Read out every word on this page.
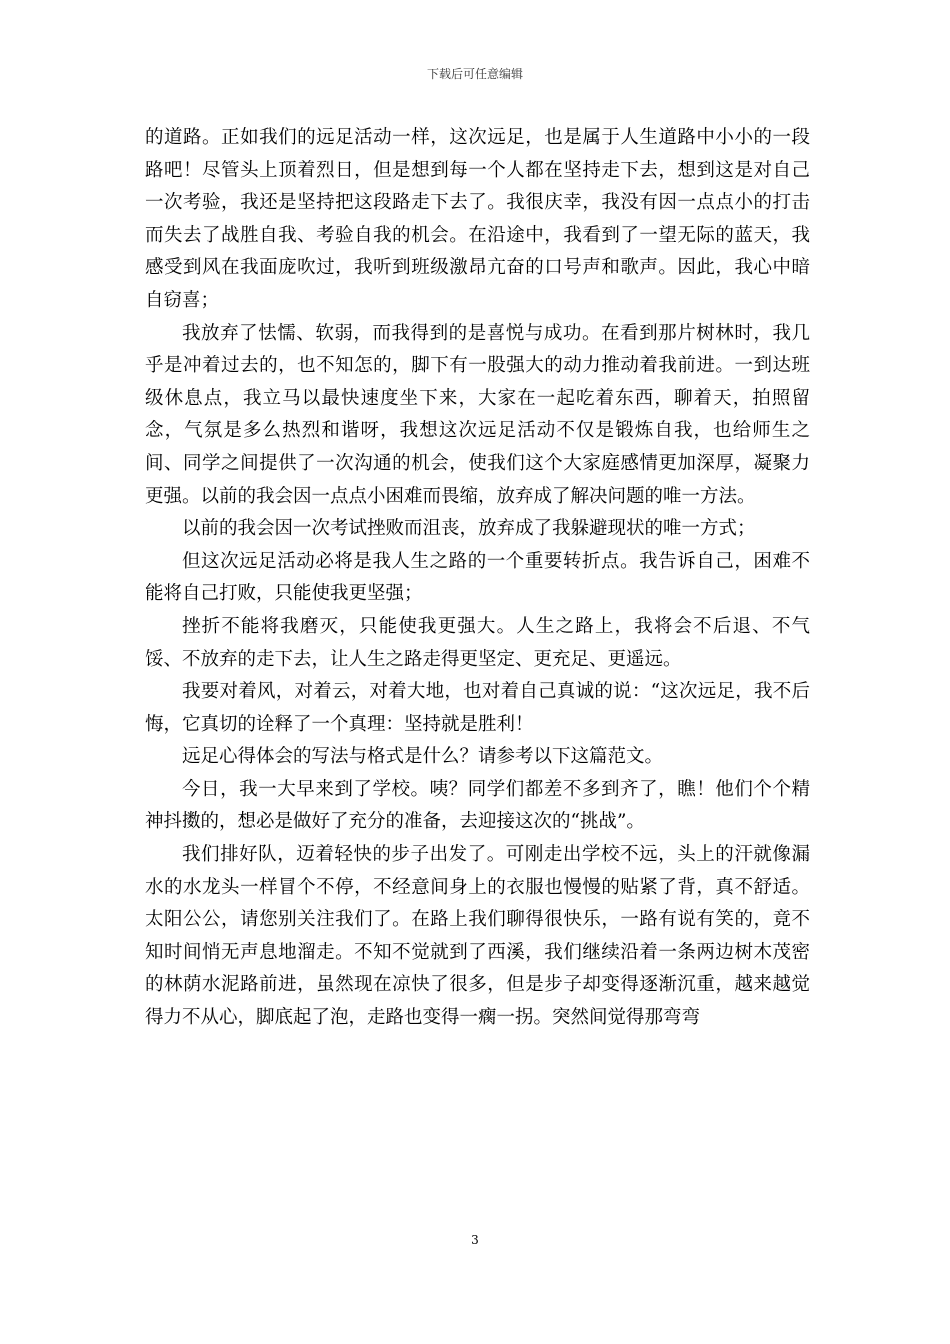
下载后可任意编辑

的道路。正如我们的远足活动一样，这次远足，也是属于人生道路中小小的一段路吧！尽管头上顶着烈日，但是想到每一个人都在坚持走下去，想到这是对自己一次考验，我还是坚持把这段路走下去了。我很庆幸，我没有因一点点小的打击而失去了战胜自我、考验自我的机会。在沿途中，我看到了一望无际的蓝天，我感受到风在我面庞吹过，我听到班级激昂亢奋的口号声和歌声。因此，我心中暗自窃喜；

我放弃了怯懦、软弱，而我得到的是喜悦与成功。在看到那片树林时，我几乎是冲着过去的，也不知怎的，脚下有一股强大的动力推动着我前进。一到达班级休息点，我立马以最快速度坐下来，大家在一起吃着东西，聊着天，拍照留念，气氛是多么热烈和谐呀，我想这次远足活动不仅是锻炼自我，也给师生之间、同学之间提供了一次沟通的机会，使我们这个大家庭感情更加深厚，凝聚力更强。以前的我会因一点点小困难而畏缩，放弃成了解决问题的唯一方法。

以前的我会因一次考试挫败而沮丧，放弃成了我躲避现状的唯一方式；

但这次远足活动必将是我人生之路的一个重要转折点。我告诉自己，困难不能将自己打败，只能使我更坚强；

挫折不能将我磨灭，只能使我更强大。人生之路上，我将会不后退、不气馁、不放弃的走下去，让人生之路走得更坚定、更充足、更遥远。

我要对着风，对着云，对着大地，也对着自己真诚的说：“这次远足，我不后悔，它真切的诠释了一个真理：坚持就是胜利！

远足心得体会的写法与格式是什么？请参考以下这篇范文。

今日，我一大早来到了学校。咦？同学们都差不多到齐了，瞧！他们个个精神抖擞的，想必是做好了充分的准备，去迎接这次的“挑战”。

我们排好队，迈着轻快的步子出发了。可刚走出学校不远，头上的汗就像漏水的水龙头一样冒个不停，不经意间身上的衣服也慢慢的贴紧了背，真不舒适。太阳公公，请您别关注我们了。在路上我们聊得很快乐，一路有说有笑的，竟不知时间悄无声息地溜走。不知不觉就到了西溪，我们继续沿着一条两边树木茂密的林荫水泥路前进，虽然现在凉快了很多，但是步子却变得逐渐沉重，越来越觉得力不从心，脚底起了泡，走路也变得一瘸一拐。突然间觉得那弯弯

3
